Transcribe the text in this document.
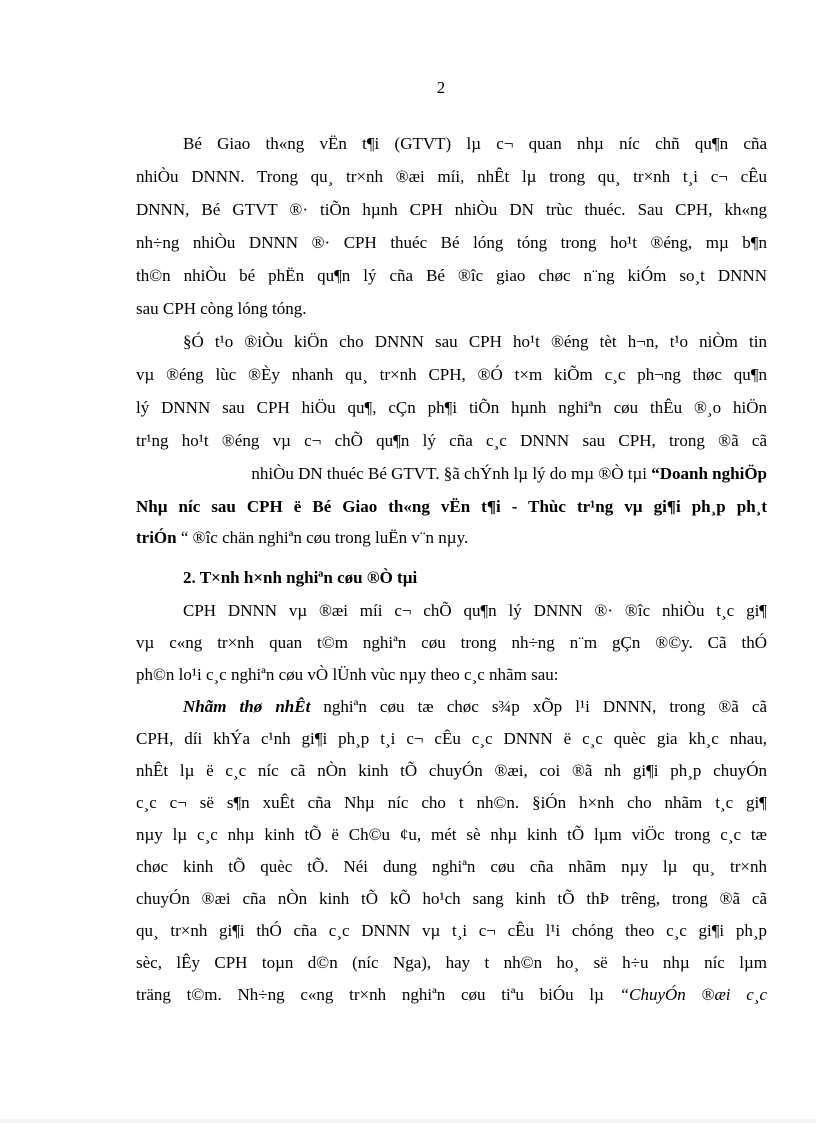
2
Bé Giao th«ng vËn t¶i (GTVT) lµ c¬ quan nhµ níc chñ qu¶n cña
nhiÒu DNNN. Trong qu¸ tr×nh ®æi míi, nhÊt lµ trong qu¸ tr×nh t¸i c¬ cÊu
DNNN, Bé GTVT ®· tiÕn hµnh CPH nhiÒu DN trùc thuéc. Sau CPH, kh«ng
nh÷ng nhiÒu DNNN ®· CPH thuéc Bé lóng tóng trong ho¹t ®éng, mµ b¶n
th©n nhiÒu bé phËn qu¶n lý cña Bé ®îc giao chøc n¨ng kiÓm so¸t DNNN
sau CPH còng lóng tóng.
§Ó t¹o ®iÒu kiÖn cho DNNN sau CPH ho¹t ®éng tèt h¬n, t¹o niÒm tin
vµ ®éng lùc ®Èy nhanh qu¸ tr×nh CPH, ®Ó t×m kiÕm c¸c ph¬ng thøc qu¶n
lý DNNN sau CPH hiÖu qu¶, cÇn ph¶i tiÕn hµnh nghiªn cøu thÊu ®¸o hiÖn
tr¹ng ho¹t ®éng vµ c¬ chÕ qu¶n lý cña c¸c DNNN sau CPH, trong ®ã cã
nhiÒu DN thuéc Bé GTVT. §ã chÝnh lµ lý do mµ ®Ò tµi “Doanh nghiÖp
Nhµ níc sau CPH ë Bé Giao th«ng vËn t¶i - Thùc tr¹ng vµ gi¶i ph¸p ph¸t
triÓn “ ®îc chän nghiªn cøu trong luËn v¨n nµy.
2. T×nh h×nh nghiªn cøu ®Ò tµi
CPH DNNN vµ ®æi míi c¬ chÕ qu¶n lý DNNN ®· ®îc nhiÒu t¸c gi¶
vµ c«ng tr×nh quan t©m nghiªn cøu trong nh÷ng n¨m gÇn ®©y. Cã thÓ
ph©n lo¹i c¸c nghiªn cøu vÒ lÜnh vùc nµy theo c¸c nhãm sau:
Nhãm thø nhÊt nghiªn cøu tæ chøc s¾p xÕp l¹i DNNN, trong ®ã cã
CPH, díi khÝa c¹nh gi¶i ph¸p t¸i c¬ cÊu c¸c DNNN ë c¸c quèc gia kh¸c nhau,
nhÊt lµ ë c¸c níc cã nÒn kinh tÕ chuyÓn ®æi, coi ®ã nh gi¶i ph¸p chuyÓn
c¸c c¬ së s¶n xuÊt cña Nhµ níc cho t nh©n. §iÓn h×nh cho nhãm t¸c gi¶
nµy lµ c¸c nhµ kinh tÕ ë Ch©u ¢u, mét sè nhµ kinh tÕ lµm viÖc trong c¸c tæ
chøc kinh tÕ quèc tÕ. Néi dung nghiªn cøu cña nhãm nµy lµ qu¸ tr×nh
chuyÓn ®æi cña nÒn kinh tÕ kÕ ho¹ch sang kinh tÕ thÞ trêng, trong ®ã cã
qu¸ tr×nh gi¶i thÓ cña c¸c DNNN vµ t¸i c¬ cÊu l¹i chóng theo c¸c gi¶i ph¸p
sèc, lÊy CPH toµn d©n (níc Nga), hay t nh©n ho¸ së h÷u nhµ níc lµm
träng t©m. Nh÷ng c«ng tr×nh nghiªn cøu tiªu biÓu lµ “ChuyÓn ®æi c¸c
